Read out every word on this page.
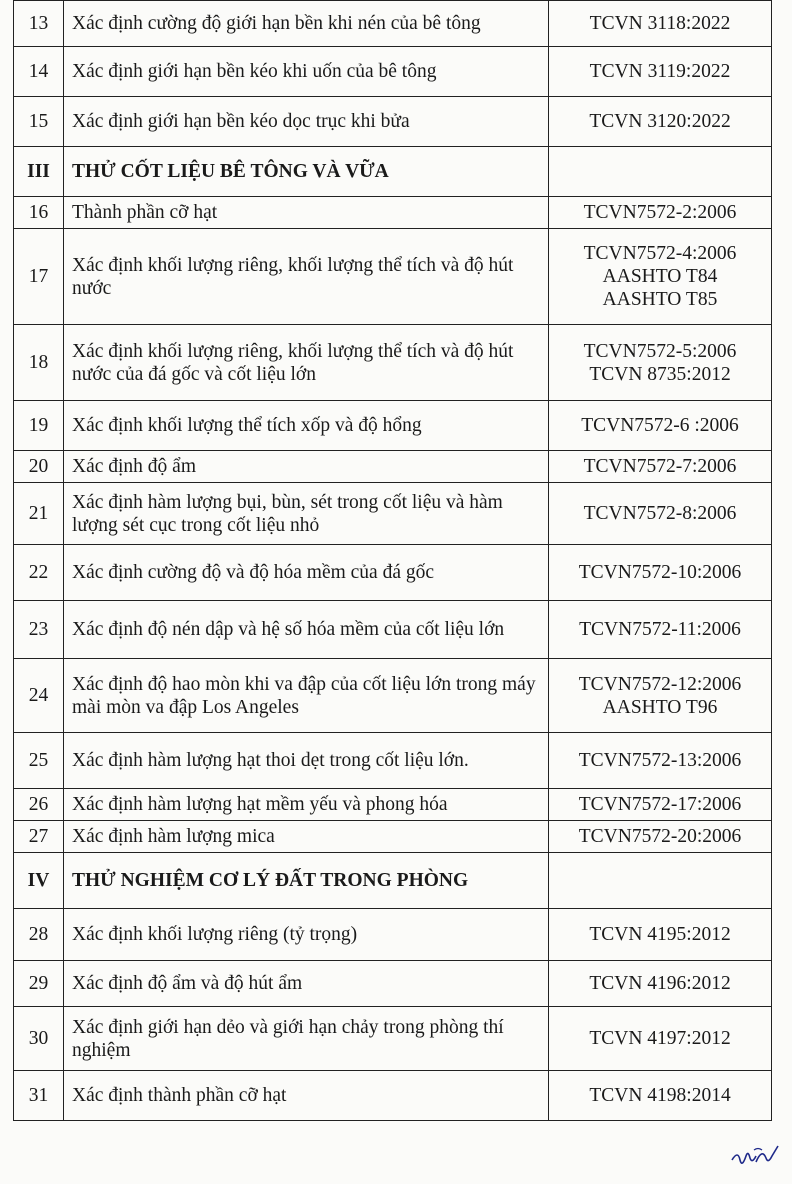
13	Xác định cường độ giới hạn bền khi nén của bê tông	TCVN 3118:2022

14	Xác định giới hạn bền kéo khi uốn của bê tông	TCVN 3119:2022

15	Xác định giới hạn bền kéo dọc trục khi bửa	TCVN 3120:2022

III	THỬ CỐT LIỆU BÊ TÔNG VÀ VỮA	
16	Thành phần cỡ hạt	TCVN7572-2:2006

17	Xác định khối lượng riêng, khối lượng thể tích và độ hút nước	TCVN7572-4:2006
AASHTO T84
AASHTO T85

18	Xác định khối lượng riêng, khối lượng thể tích và độ hút nước của đá gốc và cốt liệu lớn	TCVN7572-5:2006
TCVN 8735:2012

19	Xác định khối lượng thể tích xốp và độ hổng	TCVN7572-6 :2006

20	Xác định độ ẩm	TCVN7572-7:2006

21	Xác định hàm lượng bụi, bùn, sét trong cốt liệu và hàm lượng sét cục trong cốt liệu nhỏ	TCVN7572-8:2006

22	Xác định cường độ và độ hóa mềm của đá gốc	TCVN7572-10:2006

23	Xác định độ nén dập và hệ số hóa mềm của cốt liệu lớn	TCVN7572-11:2006

24	Xác định độ hao mòn khi va đập của cốt liệu lớn trong máy mài mòn va đập Los Angeles	TCVN7572-12:2006
AASHTO T96

25	Xác định hàm lượng hạt thoi dẹt trong cốt liệu lớn.	TCVN7572-13:2006

26	Xác định hàm lượng hạt mềm yếu và phong hóa	TCVN7572-17:2006

27	Xác định hàm lượng mica	TCVN7572-20:2006

IV	THỬ NGHIỆM CƠ LÝ ĐẤT TRONG PHÒNG	
28	Xác định khối lượng riêng (tỷ trọng)	TCVN 4195:2012

29	Xác định độ ẩm và độ hút ẩm	TCVN 4196:2012

30	Xác định giới hạn dẻo và giới hạn chảy trong phòng thí nghiệm	TCVN 4197:2012

31	Xác định thành phần cỡ hạt	TCVN 4198:2014
